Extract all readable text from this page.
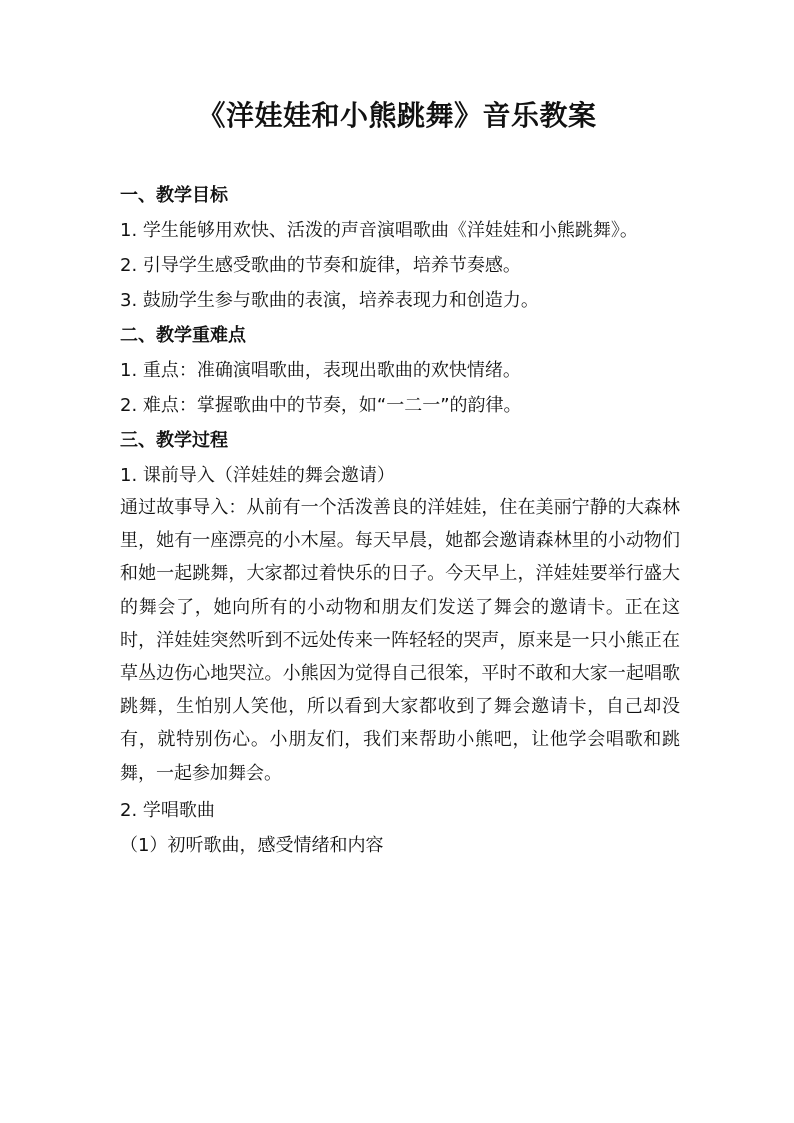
《洋娃娃和小熊跳舞》音乐教案

一、教学目标

1. 学生能够用欢快、活泼的声音演唱歌曲《洋娃娃和小熊跳舞》。

2. 引导学生感受歌曲的节奏和旋律，培养节奏感。

3. 鼓励学生参与歌曲的表演，培养表现力和创造力。

二、教学重难点

1. 重点：准确演唱歌曲，表现出歌曲的欢快情绪。

2. 难点：掌握歌曲中的节奏，如“一二一”的韵律。

三、教学过程

1. 课前导入（洋娃娃的舞会邀请）

通过故事导入：从前有一个活泼善良的洋娃娃，住在美丽宁静的大森林里，她有一座漂亮的小木屋。每天早晨，她都会邀请森林里的小动物们和她一起跳舞，大家都过着快乐的日子。今天早上，洋娃娃要举行盛大的舞会了，她向所有的小动物和朋友们发送了舞会的邀请卡。正在这时，洋娃娃突然听到不远处传来一阵轻轻的哭声，原来是一只小熊正在草丛边伤心地哭泣。小熊因为觉得自己很笨，平时不敢和大家一起唱歌跳舞，生怕别人笑他，所以看到大家都收到了舞会邀请卡，自己却没有，就特别伤心。小朋友们，我们来帮助小熊吧，让他学会唱歌和跳舞，一起参加舞会。

2. 学唱歌曲

（1）初听歌曲，感受情绪和内容
